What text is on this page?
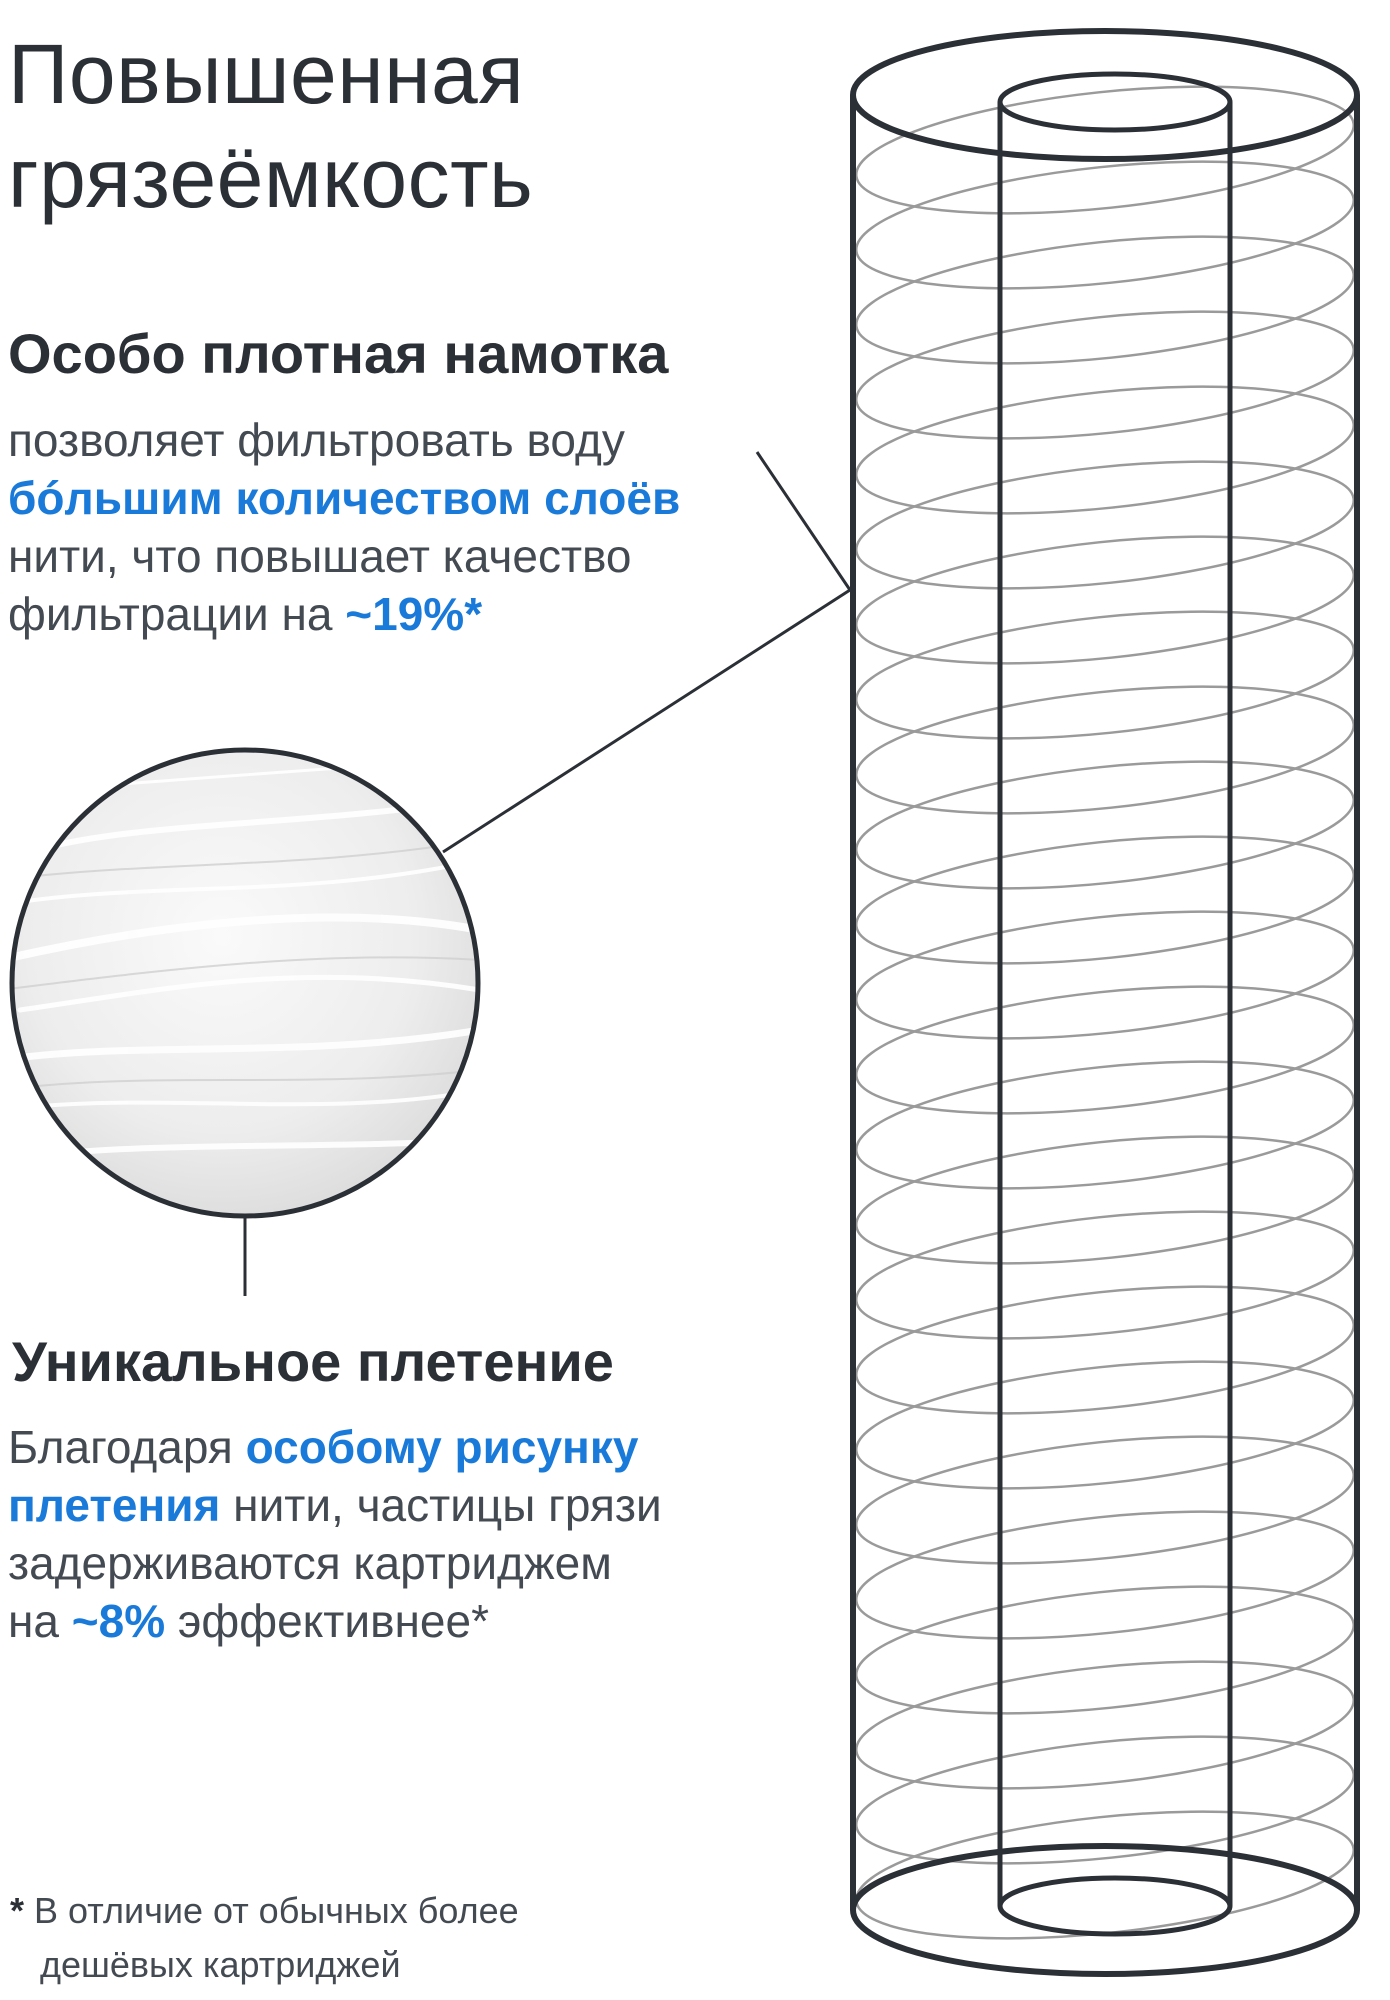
Повышенная
грязеёмкость
Особо плотная намотка

позволяет фильтровать воду
бóльшим количеством слоёв
нити, что повышает качество
фильтрации на ~19%*

Уникальное плетение

Благодаря особому рисунку
плетения нити, частицы грязи
задерживаются картриджем
на ~8% эффективнее*

* В отличие от обычных более
дешёвых картриджей
